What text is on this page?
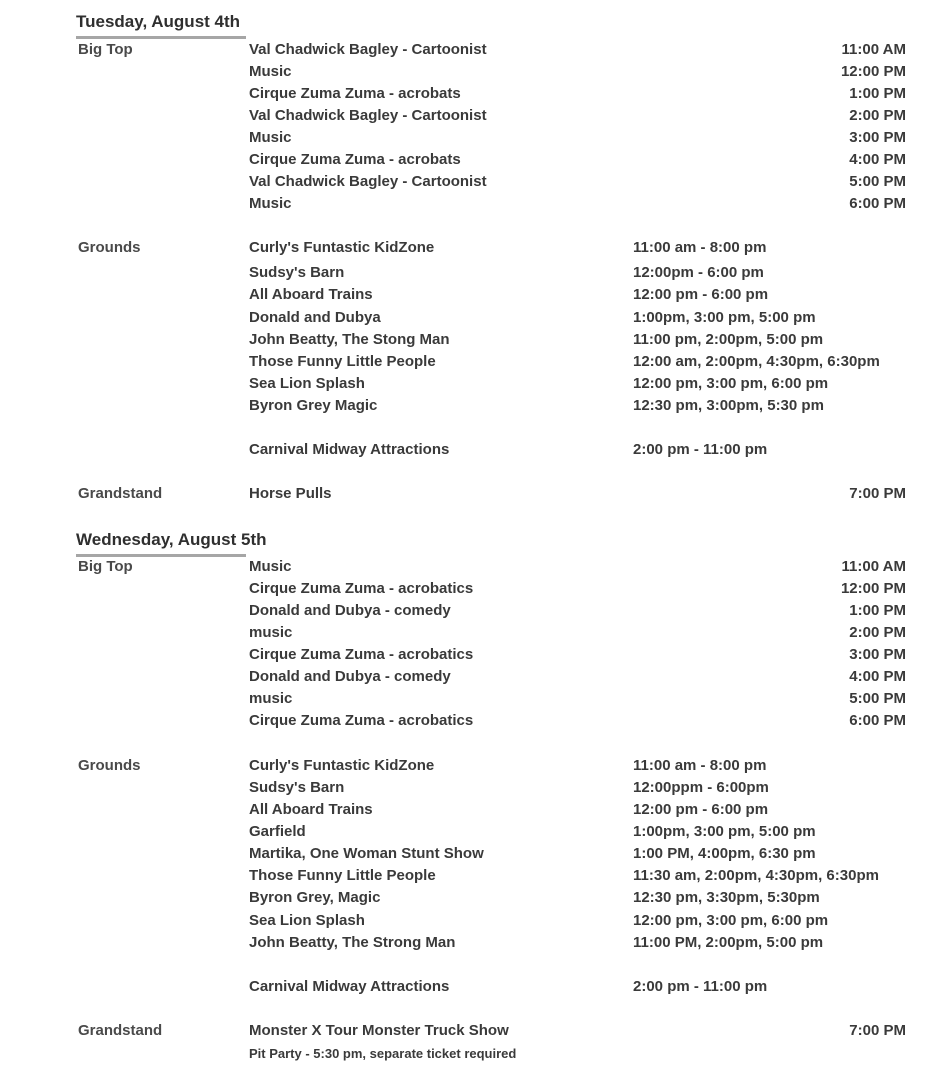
Tuesday, August 4th
Big Top	Val Chadwick Bagley - Cartoonist	11:00 AM
Music	12:00 PM
Cirque Zuma Zuma - acrobats	1:00 PM
Val Chadwick Bagley - Cartoonist	2:00 PM
Music	3:00 PM
Cirque Zuma Zuma - acrobats	4:00 PM
Val Chadwick Bagley - Cartoonist	5:00 PM
Music	6:00 PM
Grounds	Curly's Funtastic KidZone	11:00 am - 8:00 pm
Sudsy's Barn	12:00pm - 6:00 pm
All Aboard Trains	12:00 pm - 6:00 pm
Donald and Dubya	1:00pm, 3:00 pm, 5:00 pm
John Beatty, The Stong Man	11:00 pm, 2:00pm, 5:00 pm
Those Funny Little People	12:00 am, 2:00pm, 4:30pm, 6:30pm
Sea Lion Splash	12:00 pm, 3:00 pm, 6:00 pm
Byron Grey Magic	12:30 pm, 3:00pm, 5:30 pm
Carnival Midway Attractions	2:00 pm - 11:00 pm
Grandstand	Horse Pulls	7:00 PM
Wednesday, August 5th
Big Top	Music	11:00 AM
Cirque Zuma Zuma - acrobatics	12:00 PM
Donald and Dubya - comedy	1:00 PM
music	2:00 PM
Cirque Zuma Zuma - acrobatics	3:00 PM
Donald and Dubya - comedy	4:00 PM
music	5:00 PM
Cirque Zuma Zuma - acrobatics	6:00 PM
Grounds	Curly's Funtastic KidZone	11:00 am - 8:00 pm
Sudsy's Barn	12:00ppm - 6:00pm
All Aboard Trains	12:00 pm - 6:00 pm
Garfield	1:00pm, 3:00 pm, 5:00 pm
Martika, One Woman Stunt Show	1:00 PM, 4:00pm, 6:30 pm
Those Funny Little People	11:30 am, 2:00pm, 4:30pm, 6:30pm
Byron Grey, Magic	12:30 pm, 3:30pm, 5:30pm
Sea Lion Splash	12:00 pm, 3:00 pm, 6:00 pm
John Beatty, The Strong Man	11:00 PM, 2:00pm, 5:00 pm
Carnival Midway Attractions	2:00 pm - 11:00 pm
Grandstand	Monster X Tour Monster Truck Show	7:00 PM
Pit Party - 5:30 pm, separate ticket required
